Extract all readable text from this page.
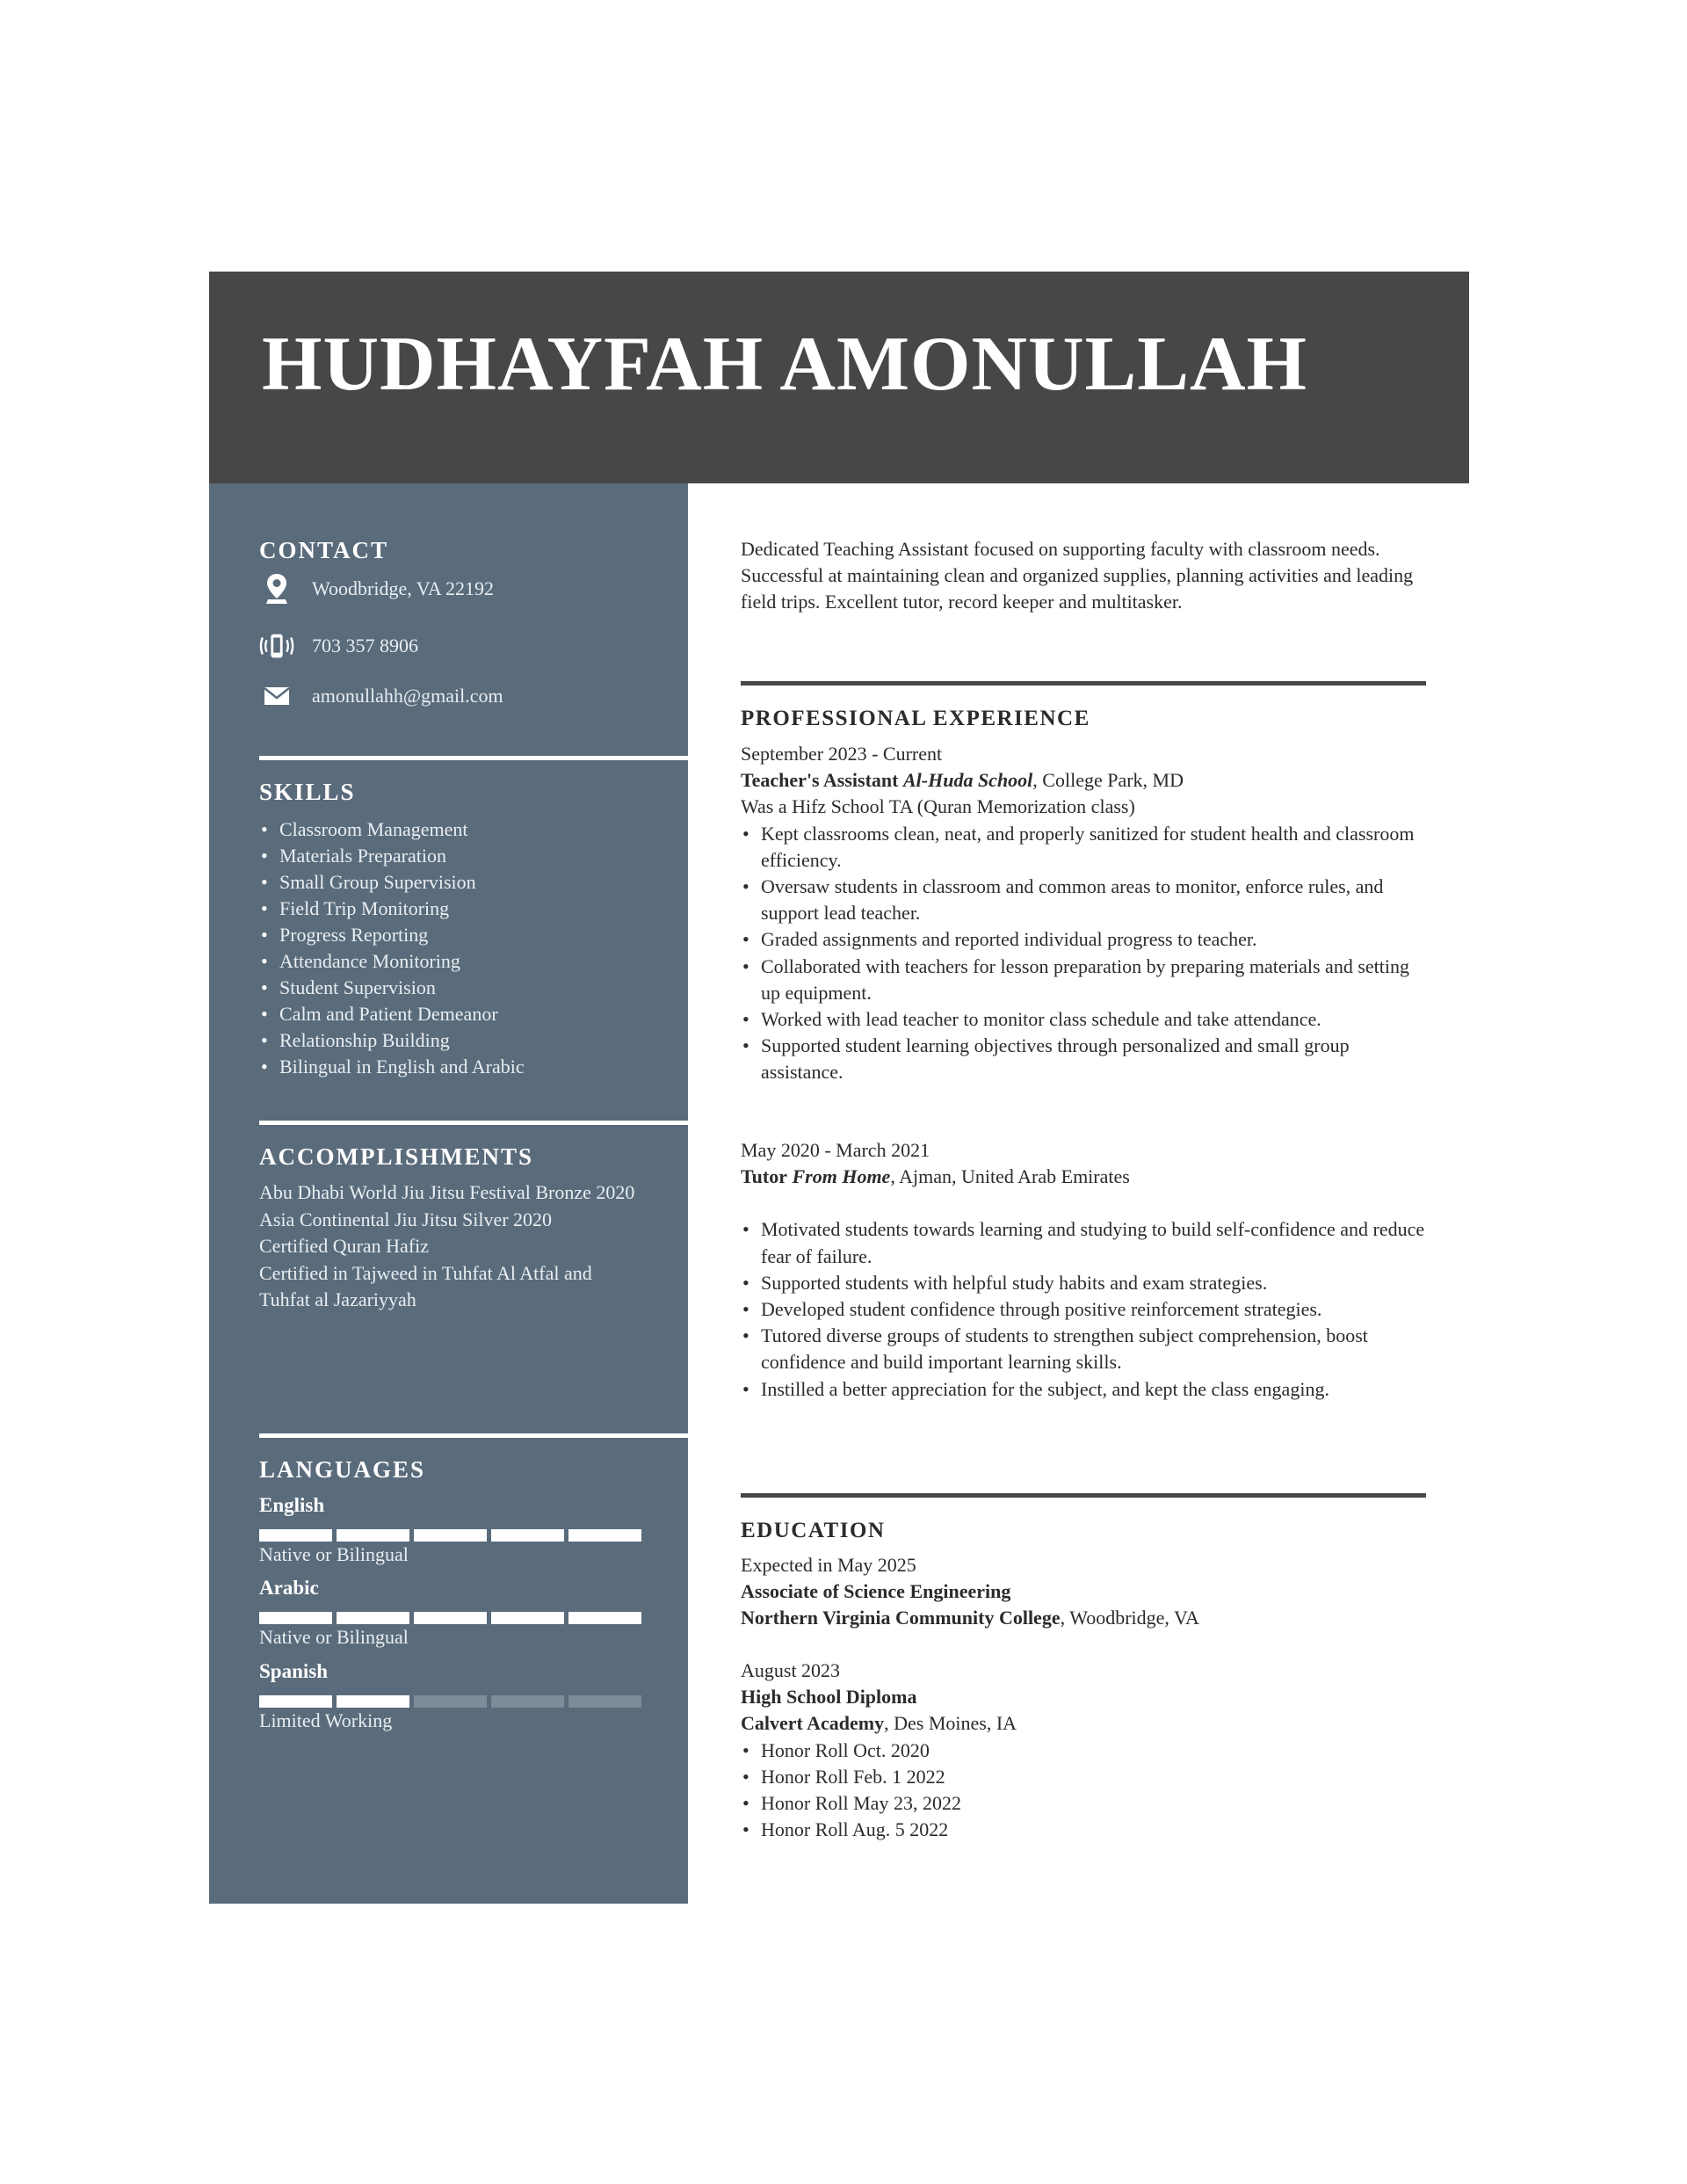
HUDHAYFAH AMONULLAH
CONTACT
Woodbridge, VA 22192
703 357 8906
amonullahh@gmail.com
SKILLS
• Classroom Management
• Materials Preparation
• Small Group Supervision
• Field Trip Monitoring
• Progress Reporting
• Attendance Monitoring
• Student Supervision
• Calm and Patient Demeanor
• Relationship Building
• Bilingual in English and Arabic
ACCOMPLISHMENTS
Abu Dhabi World Jiu Jitsu Festival Bronze 2020
Asia Continental Jiu Jitsu Silver 2020
Certified Quran Hafiz
Certified in Tajweed in Tuhfat Al Atfal and Tuhfat al Jazariyyah
LANGUAGES
English
Native or Bilingual
Arabic
Native or Bilingual
Spanish
Limited Working

Dedicated Teaching Assistant focused on supporting faculty with classroom needs. Successful at maintaining clean and organized supplies, planning activities and leading field trips. Excellent tutor, record keeper and multitasker.

PROFESSIONAL EXPERIENCE
September 2023 - Current
Teacher's Assistant Al-Huda School, College Park, MD
Was a Hifz School TA (Quran Memorization class)
• Kept classrooms clean, neat, and properly sanitized for student health and classroom efficiency.
• Oversaw students in classroom and common areas to monitor, enforce rules, and support lead teacher.
• Graded assignments and reported individual progress to teacher.
• Collaborated with teachers for lesson preparation by preparing materials and setting up equipment.
• Worked with lead teacher to monitor class schedule and take attendance.
• Supported student learning objectives through personalized and small group assistance.
May 2020 - March 2021
Tutor From Home, Ajman, United Arab Emirates
• Motivated students towards learning and studying to build self-confidence and reduce fear of failure.
• Supported students with helpful study habits and exam strategies.
• Developed student confidence through positive reinforcement strategies.
• Tutored diverse groups of students to strengthen subject comprehension, boost confidence and build important learning skills.
• Instilled a better appreciation for the subject, and kept the class engaging.
EDUCATION
Expected in May 2025
Associate of Science Engineering
Northern Virginia Community College, Woodbridge, VA
August 2023
High School Diploma
Calvert Academy, Des Moines, IA
• Honor Roll Oct. 2020
• Honor Roll Feb. 1 2022
• Honor Roll May 23, 2022
• Honor Roll Aug. 5 2022
